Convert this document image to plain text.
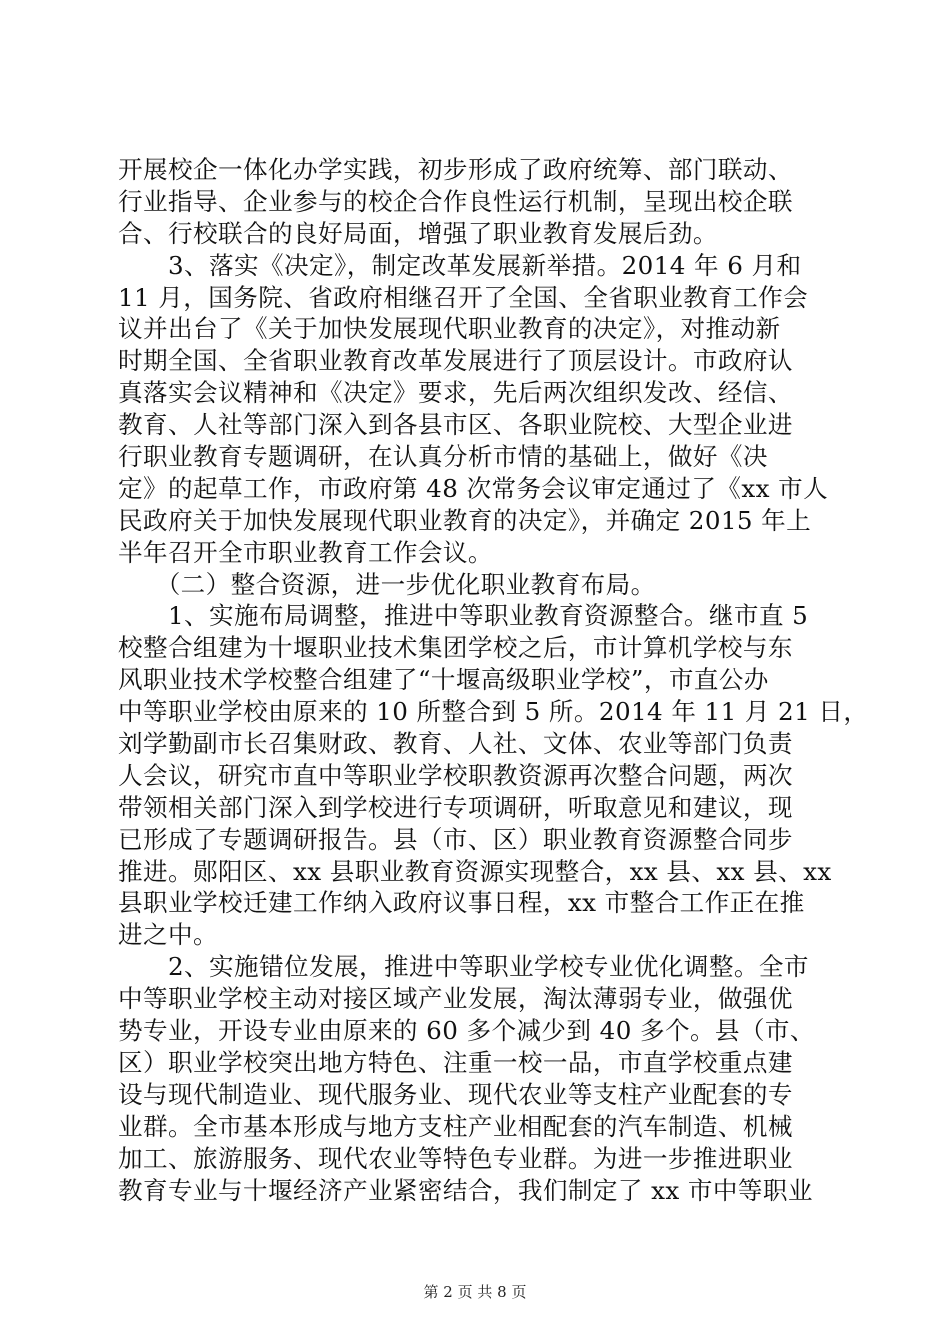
开展校企一体化办学实践，初步形成了政府统筹、部门联动、
行业指导、企业参与的校企合作良性运行机制，呈现出校企联
合、行校联合的良好局面，增强了职业教育发展后劲。
　　3、落实《决定》，制定改革发展新举措。2014 年 6 月和
11 月，国务院、省政府相继召开了全国、全省职业教育工作会
议并出台了《关于加快发展现代职业教育的决定》，对推动新
时期全国、全省职业教育改革发展进行了顶层设计。市政府认
真落实会议精神和《决定》要求，先后两次组织发改、经信、
教育、人社等部门深入到各县市区、各职业院校、大型企业进
行职业教育专题调研，在认真分析市情的基础上，做好《决
定》的起草工作，市政府第 48 次常务会议审定通过了《xx 市人
民政府关于加快发展现代职业教育的决定》，并确定 2015 年上
半年召开全市职业教育工作会议。
　　（二）整合资源，进一步优化职业教育布局。
　　1、实施布局调整，推进中等职业教育资源整合。继市直 5
校整合组建为十堰职业技术集团学校之后，市计算机学校与东
风职业技术学校整合组建了“十堰高级职业学校”，市直公办
中等职业学校由原来的 10 所整合到 5 所。2014 年 11 月 21 日，
刘学勤副市长召集财政、教育、人社、文体、农业等部门负责
人会议，研究市直中等职业学校职教资源再次整合问题，两次
带领相关部门深入到学校进行专项调研，听取意见和建议，现
已形成了专题调研报告。县（市、区）职业教育资源整合同步
推进。郧阳区、xx 县职业教育资源实现整合，xx 县、xx 县、xx
县职业学校迁建工作纳入政府议事日程，xx 市整合工作正在推
进之中。
　　2、实施错位发展，推进中等职业学校专业优化调整。全市
中等职业学校主动对接区域产业发展，淘汰薄弱专业，做强优
势专业，开设专业由原来的 60 多个减少到 40 多个。县（市、
区）职业学校突出地方特色、注重一校一品，市直学校重点建
设与现代制造业、现代服务业、现代农业等支柱产业配套的专
业群。全市基本形成与地方支柱产业相配套的汽车制造、机械
加工、旅游服务、现代农业等特色专业群。为进一步推进职业
教育专业与十堰经济产业紧密结合，我们制定了 xx 市中等职业
第 2 页 共 8 页
